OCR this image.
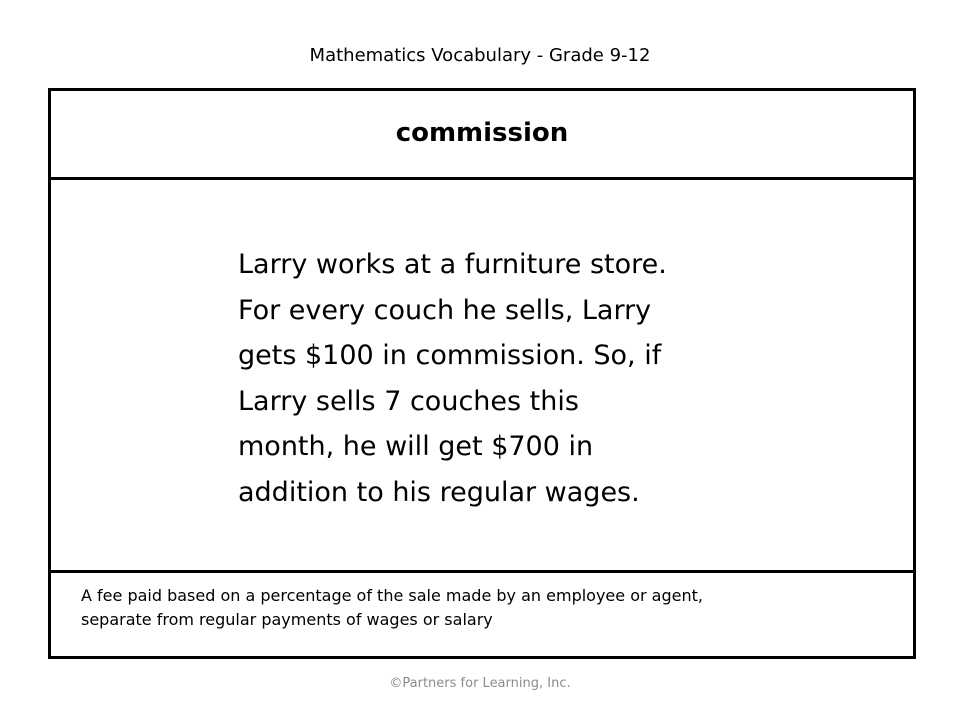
Mathematics Vocabulary - Grade 9-12
commission
Larry works at a furniture store.
For every couch he sells, Larry
gets $100 in commission. So, if
Larry sells 7 couches this
month, he will get $700 in
addition to his regular wages.
A fee paid based on a percentage of the sale made by an employee or agent,
separate from regular payments of wages or salary
©Partners for Learning, Inc.
